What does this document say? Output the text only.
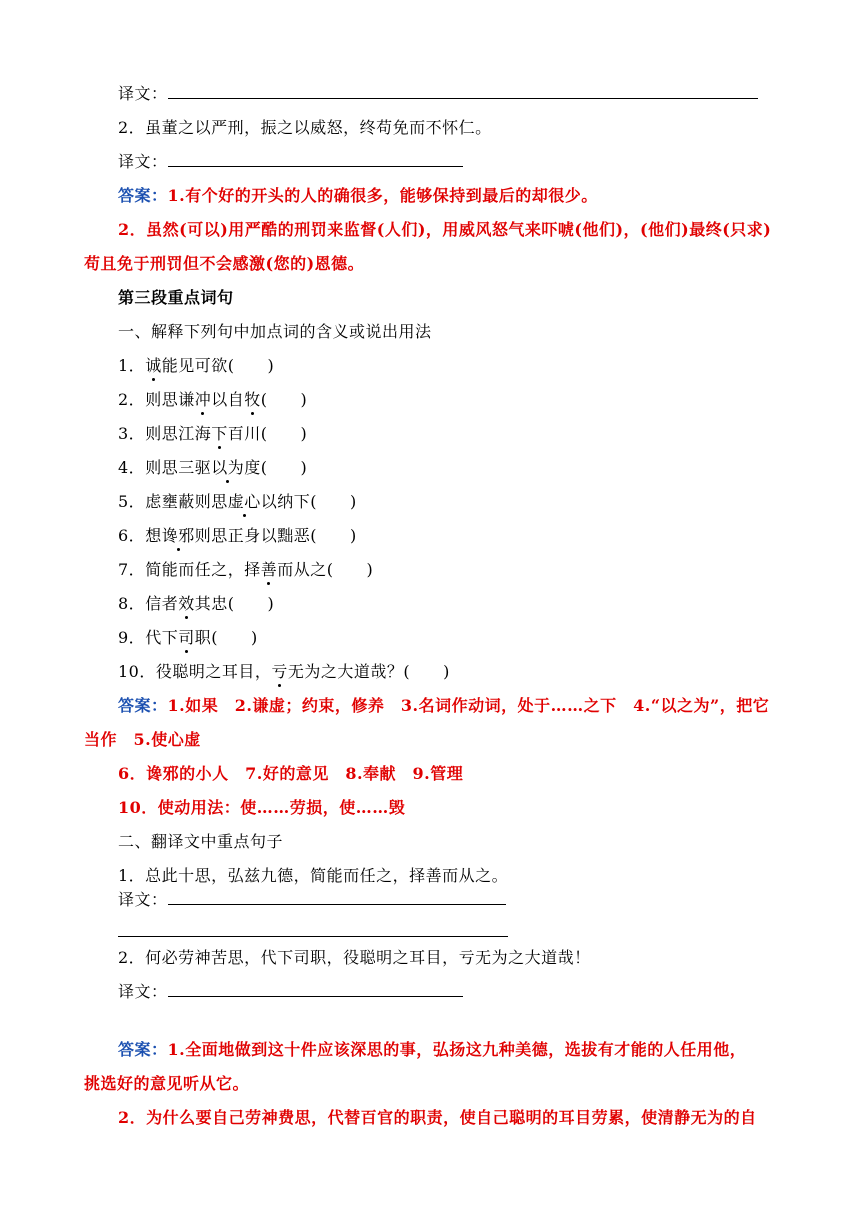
译文：
2．虽董之以严刑，振之以威怒，终苟免而不怀仁。
译文：
答案：1.有个好的开头的人的确很多，能够保持到最后的却很少。
2．虽然(可以)用严酷的刑罚来监督(人们)，用威风怒气来吓唬(他们)，(他们)最终(只求)
苟且免于刑罚但不会感激(您的)恩德。
第三段重点词句
一、解释下列句中加点词的含义或说出用法
1．诚能见可欲(　　)
2．则思谦冲以自牧(　　)
3．则思江海下百川(　　)
4．则思三驱以为度(　　)
5．虑壅蔽则思虚心以纳下(　　)
6．想谗邪则思正身以黜恶(　　)
7．简能而任之，择善而从之(　　)
8．信者效其忠(　　)
9．代下司职(　　)
10．役聪明之耳目，亏无为之大道哉？(　　)
答案：1.如果　2.谦虚；约束，修养　3.名词作动词，处于……之下　4.“以之为”，把它
当作　5.使心虚
6．谗邪的小人　7.好的意见　8.奉献　9.管理
10．使动用法：使……劳损，使……毁
二、翻译文中重点句子
1．总此十思，弘兹九德，简能而任之，择善而从之。
译文：
2．何必劳神苦思，代下司职，役聪明之耳目，亏无为之大道哉！
译文：
答案：1.全面地做到这十件应该深思的事，弘扬这九种美德，选拔有才能的人任用他，
挑选好的意见听从它。
2．为什么要自己劳神费思，代替百官的职责，使自己聪明的耳目劳累，使清静无为的自
